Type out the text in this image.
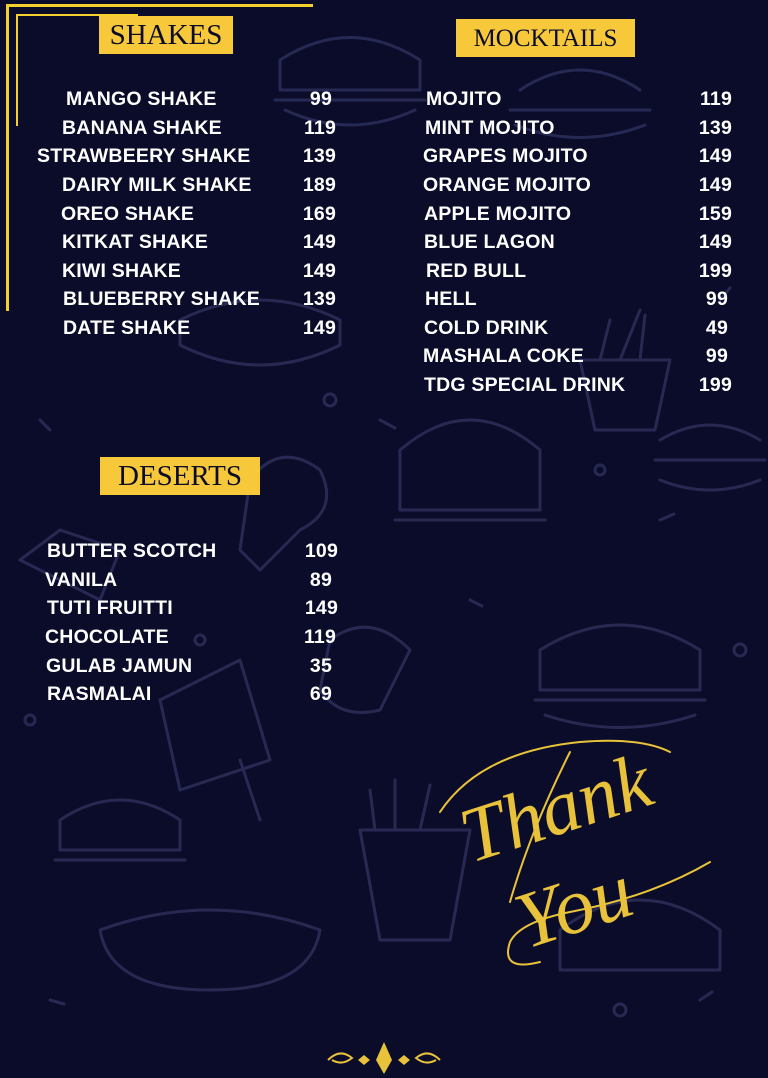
SHAKES	MOCKTAILS
DESERTS
MANGO SHAKE	99
BANANA SHAKE	119
STRAWBEERY SHAKE	139
DAIRY MILK SHAKE	189
OREO SHAKE	169
KITKAT SHAKE	149
KIWI SHAKE	149
BLUEBERRY SHAKE	139
DATE SHAKE	149
MOJITO	119
MINT MOJITO	139
GRAPES MOJITO	149
ORANGE MOJITO	149
APPLE MOJITO	159
BLUE LAGON	149
RED BULL	199
HELL	99
COLD DRINK	49
MASHALA COKE	99
TDG SPECIAL DRINK	199
BUTTER SCOTCH	109
VANILA	89
TUTI FRUITTI	149
CHOCOLATE	119
GULAB JAMUN	35
RASMALAI	69
Thank
You
